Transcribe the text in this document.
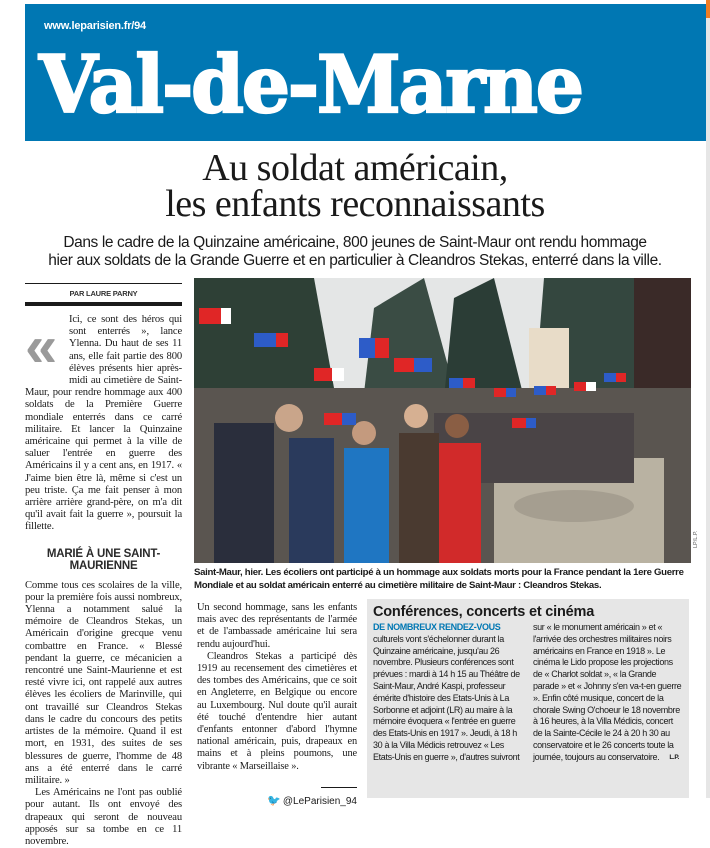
www.leparisien.fr/94
Val-de-Marne
Au soldat américain,
les enfants reconnaissants
Dans le cadre de la Quinzaine américaine, 800 jeunes de Saint-Maur ont rendu hommage
hier aux soldats de la Grande Guerre et en particulier à Cleandros Stekas, enterré dans la ville.
PAR LAURE PARNY
«	Ici, ce sont des héros qui sont enterrés », lance Ylenna. Du haut de ses 11 ans, elle fait partie des 800 élèves présents hier après-midi au cimetière de Saint-Maur, pour rendre hommage aux 400 soldats de la Première Guerre mondiale enterrés dans ce carré militaire. Et lancer la Quinzaine américaine qui permet à la ville de saluer l'entrée en guerre des Américains il y a cent ans, en 1917. « J'aime bien être là, même si c'est un peu triste. Ça me fait penser à mon arrière arrière grand-père, on m'a dit qu'il avait fait la guerre », poursuit la fillette.

MARIÉ À UNE SAINT-MAURIENNE

Comme tous ces scolaires de la ville, pour la première fois aussi nombreux, Ylenna a notamment salué la mémoire de Cleandros Stekas, un Américain d'origine grecque venu combattre en France. « Blessé pendant la guerre, ce mécanicien a rencontré une Saint-Maurienne et est resté vivre ici, ont rappelé aux autres élèves les écoliers de Marinville, qui ont travaillé sur Cleandros Stekas dans le cadre du concours des petits artistes de la mémoire. Quand il est mort, en 1931, des suites de ses blessures de guerre, l'homme de 48 ans a été enterré dans le carré militaire. »

Les Américains ne l'ont pas oublié pour autant. Ils ont envoyé des drapeaux qui seront de nouveau apposés sur sa tombe en ce 11 novembre.

LP/L.P.
Saint-Maur, hier. Les écoliers ont participé à un hommage aux soldats morts pour la France pendant la 1ere Guerre Mondiale et au soldat américain enterré au cimetière militaire de Saint-Maur : Cleandros Stekas.

Un second hommage, sans les enfants mais avec des représentants de l'armée et de l'ambassade américaine lui sera rendu aujourd'hui.

Cleandros Stekas a participé dès 1919 au recensement des cimetières et des tombes des Américains, que ce soit en Angleterre, en Belgique ou encore au Luxembourg. Nul doute qu'il aurait été touché d'entendre hier autant d'enfants entonner d'abord l'hymne national américain, puis, drapeaux en mains et à pleins poumons, une vibrante « Marseillaise ».

🐦 @LeParisien_94
Conférences, concerts et cinéma
DE NOMBREUX RENDEZ-VOUS culturels vont s'échelonner durant la Quinzaine américaine, jusqu'au 26 novembre. Plusieurs conférences sont prévues : mardi à 14 h 15 au Théâtre de Saint-Maur, André Kaspi, professeur émérite d'histoire des Etats-Unis à La Sorbonne et adjoint (LR) au maire à la mémoire évoquera « l'entrée en guerre des Etats-Unis en 1917 ». Jeudi, à 18 h 30 à la Villa Médicis retrouvez « Les Etats-Unis en guerre », d'autres suivront
sur « le monument américain » et « l'arrivée des orchestres militaires noirs américains en France en 1918 ». Le cinéma le Lido propose les projections de « Charlot soldat », « la Grande parade » et « Johnny s'en va-t-en guerre ». Enfin côté musique, concert de la chorale Swing O'choeur le 18 novembre à 16 heures, à la Villa Médicis, concert de la Sainte-Cécile le 24 à 20 h 30 au conservatoire et le 26 concerts toute la journée, toujours au conservatoire. L.P.
